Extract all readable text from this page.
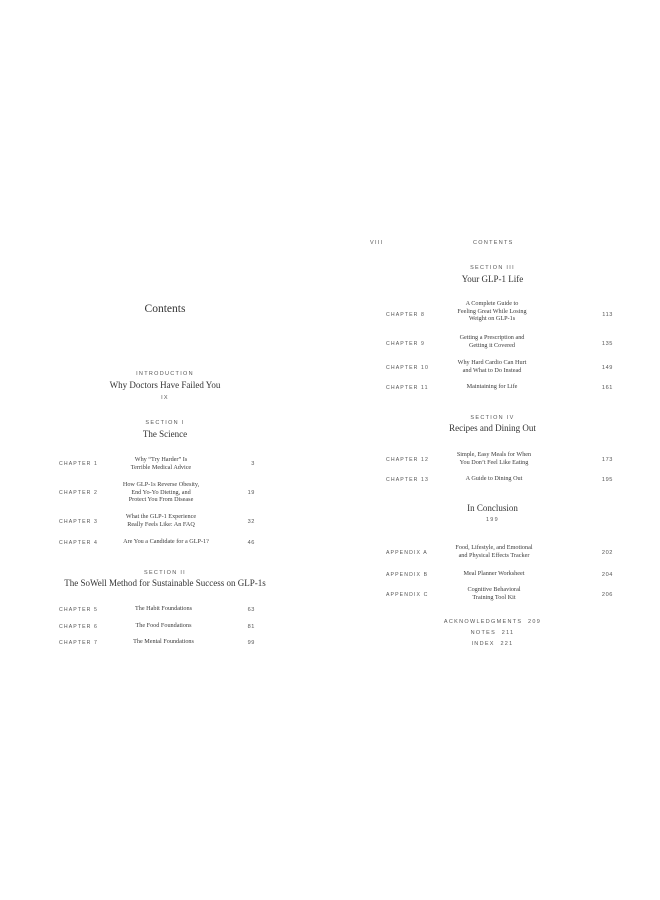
Contents
INTRODUCTION
Why Doctors Have Failed You
IX
SECTION I
The Science
CHAPTER 1
Why “Try Harder” Is
Terrible Medical Advice	3
CHAPTER 2
How GLP-1s Reverse Obesity,
End Yo-Yo Dieting, and
Protect You From Disease
19
CHAPTER 3
What the GLP-1 Experience
Really Feels Like: An FAQ	32
CHAPTER 4	Are You a Candidate for a GLP-1?	46
SECTION II
The SoWell Method for Sustainable Success on GLP-1s
CHAPTER 5	The Habit Foundations	63
CHAPTER 6	The Food Foundations	81
CHAPTER 7	The Mental Foundations	99
VIII	CONTENTS
SECTION III
Your GLP-1 Life
CHAPTER 8
A Complete Guide to
Feeling Great While Losing
Weight on GLP-1s
113
CHAPTER 9
Getting a Prescription and
Getting it Covered	135
CHAPTER 10
Why Hard Cardio Can Hurt
and What to Do Instead	149
CHAPTER 11	Maintaining for Life	161
SECTION IV
Recipes and Dining Out
CHAPTER 12
Simple, Easy Meals for When
You Don’t Feel Like Eating	173
CHAPTER 13	A Guide to Dining Out	195
In Conclusion
199
APPENDIX A
Food, Lifestyle, and Emotional
and Physical Effects Tracker	202
APPENDIX B	Meal Planner Worksheet	204
APPENDIX C
Cognitive Behavioral
Training Tool Kit	206
ACKNOWLEDGMENTS 209
NOTES 211
INDEX 221
